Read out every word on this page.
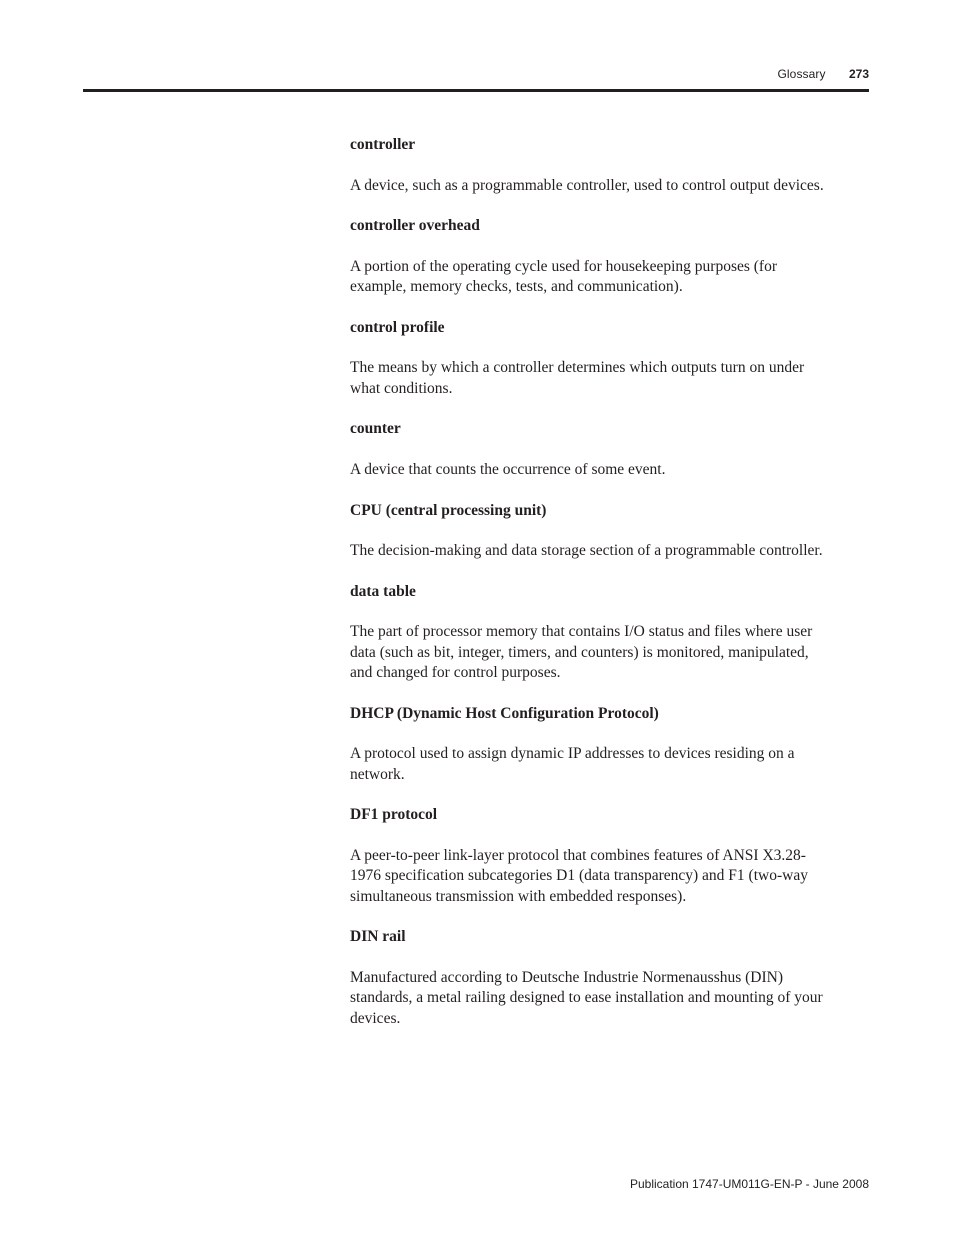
Glossary 273

controller

A device, such as a programmable controller, used to control output devices.

controller overhead

A portion of the operating cycle used for housekeeping purposes (for example, memory checks, tests, and communication).

control profile

The means by which a controller determines which outputs turn on under what conditions.

counter

A device that counts the occurrence of some event.

CPU (central processing unit)

The decision-making and data storage section of a programmable controller.

data table

The part of processor memory that contains I/O status and files where user data (such as bit, integer, timers, and counters) is monitored, manipulated, and changed for control purposes.

DHCP (Dynamic Host Configuration Protocol)

A protocol used to assign dynamic IP addresses to devices residing on a network.

DF1 protocol

A peer-to-peer link-layer protocol that combines features of ANSI X3.28-1976 specification subcategories D1 (data transparency) and F1 (two-way simultaneous transmission with embedded responses).

DIN rail

Manufactured according to Deutsche Industrie Normenausshus (DIN) standards, a metal railing designed to ease installation and mounting of your devices.

Publication 1747-UM011G-EN-P - June 2008
